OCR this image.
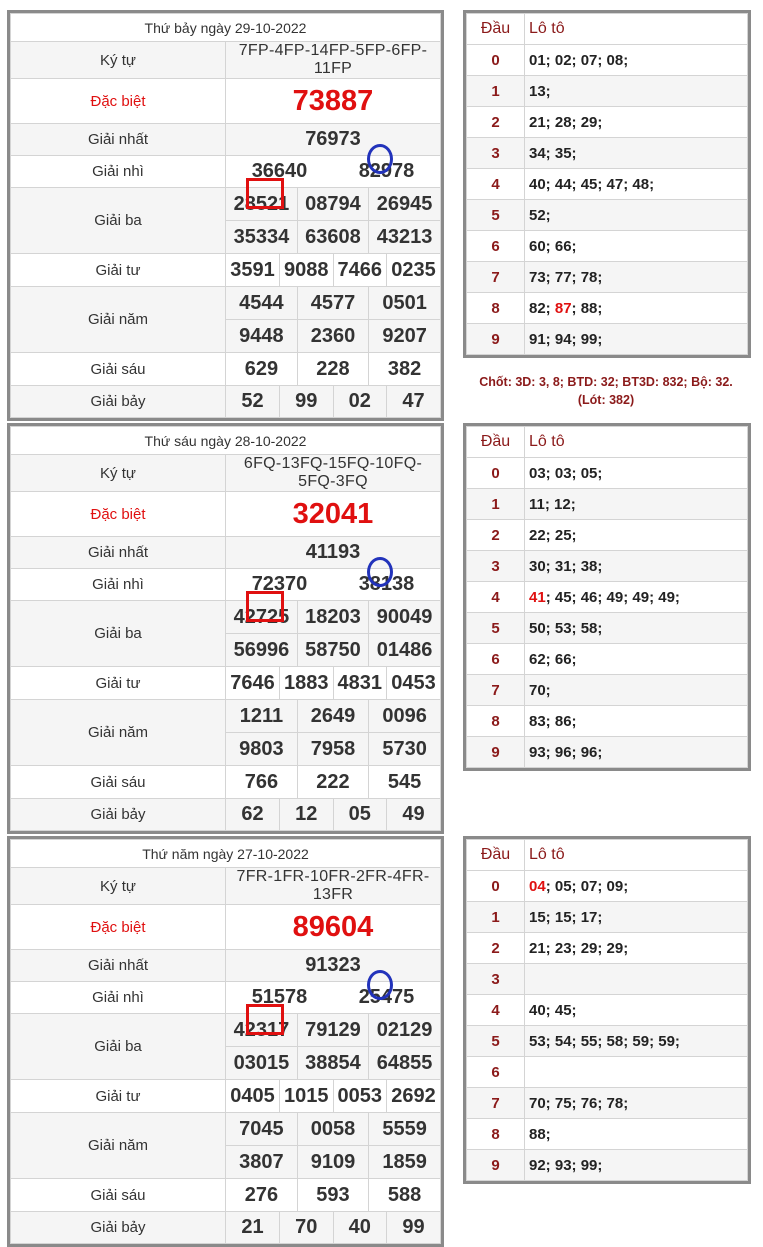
Thứ bảy ngày 29-10-2022
Ký tự	7FP-4FP-14FP-5FP-6FP-11FP
Đặc biệt	73887
Giải nhất	76973
Giải nhì		36640	82978

Giải ba	
28521	08794	26945

35334	63608	43213

Giải tư		3591	9088	7466	0235

Giải năm	
4544	4577	0501

9448	2360	9207

Giải sáu		629	228	382

Giải bảy		52	99	02	47
Đầu	Lô tô
0	01; 02; 07; 08;
1	13;
2	21; 28; 29;
3	34; 35;
4	40; 44; 45; 47; 48;
5	52;
6	60; 66;
7	73; 77; 78;
8	82; 87; 88;
9	91; 94; 99;
Chốt: 3D: 3, 8; BTD: 32; BT3D: 832; Bộ: 32.
(Lót: 382)
Thứ sáu ngày 28-10-2022
Ký tự	6FQ-13FQ-15FQ-10FQ-5FQ-3FQ
Đặc biệt	32041
Giải nhất	41193
Giải nhì		72370	38138

Giải ba	
42725	18203	90049

56996	58750	01486

Giải tư		7646	1883	4831	0453

Giải năm	
1211	2649	0096

9803	7958	5730

Giải sáu		766	222	545

Giải bảy		62	12	05	49
Đầu	Lô tô
0	03; 03; 05;
1	11; 12;
2	22; 25;
3	30; 31; 38;
4	41; 45; 46; 49; 49; 49;
5	50; 53; 58;
6	62; 66;
7	70;
8	83; 86;
9	93; 96; 96;
Thứ năm ngày 27-10-2022
Ký tự	7FR-1FR-10FR-2FR-4FR-13FR
Đặc biệt	89604
Giải nhất	91323
Giải nhì		51578	25475

Giải ba	
42317	79129	02129

03015	38854	64855

Giải tư		0405	1015	0053	2692

Giải năm	
7045	0058	5559

3807	9109	1859

Giải sáu		276	593	588

Giải bảy		21	70	40	99
Đầu	Lô tô
0	04; 05; 07; 09;
1	15; 15; 17;
2	21; 23; 29; 29;
3	
4	40; 45;
5	53; 54; 55; 58; 59; 59;
6	
7	70; 75; 76; 78;
8	88;
9	92; 93; 99;
